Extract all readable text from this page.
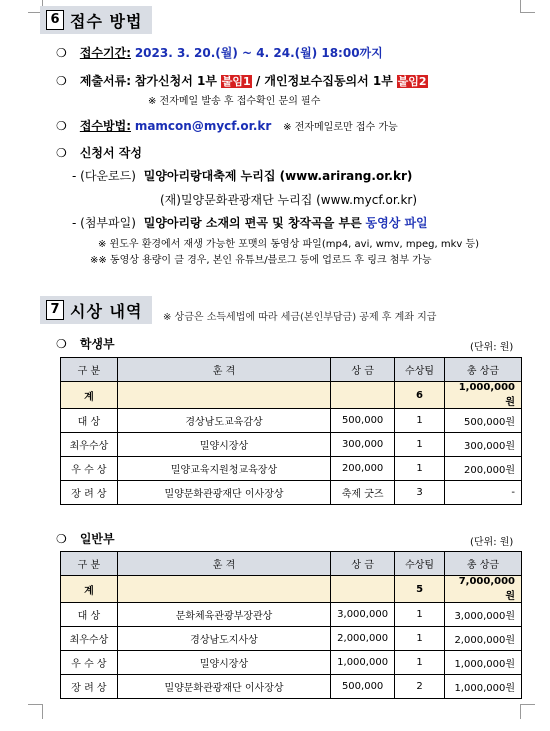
6 접수 방법
❍ 접수기간: 2023. 3. 20.(월) ~ 4. 24.(월) 18:00까지
❍ 제출서류: 참가신청서 1부 붙임1 / 개인정보수집동의서 1부 붙임2
※ 전자메일 발송 후 접수확인 문의 필수
❍ 접수방법: mamcon@mycf.or.kr ※ 전자메일로만 접수 가능
❍ 신청서 작성
- (다운로드) 밀양아리랑대축제 누리집 (www.arirang.or.kr)
(재)밀양문화관광재단 누리집 (www.mycf.or.kr)
- (첨부파일) 밀양아리랑 소재의 편곡 및 창작곡을 부른 동영상 파일
※ 윈도우 환경에서 재생 가능한 포맷의 동영상 파일(mp4, avi, wmv, mpeg, mkv 등)
※※ 동영상 용량이 클 경우, 본인 유튜브/블로그 등에 업로드 후 링크 첨부 가능
7 시상 내역 ※ 상금은 소득세법에 따라 세금(본인부담금) 공제 후 계좌 지급
❍ 학생부	(단위: 원)
구 분	훈 격	상 금	수상팀	총 상금
계			6	1,000,000원
대 상	경상남도교육감상	500,000	1	500,000원
최우수상	밀양시장상	300,000	1	300,000원
우 수 상	밀양교육지원청교육장상	200,000	1	200,000원
장 려 상	밀양문화관광재단 이사장상	축제 굿즈	3	-
❍ 일반부	(단위: 원)
구 분	훈 격	상 금	수상팀	총 상금
계			5	7,000,000원
대 상	문화체육관광부장관상	3,000,000	1	3,000,000원
최우수상	경상남도지사상	2,000,000	1	2,000,000원
우 수 상	밀양시장상	1,000,000	1	1,000,000원
장 려 상	밀양문화관광재단 이사장상	500,000	2	1,000,000원
